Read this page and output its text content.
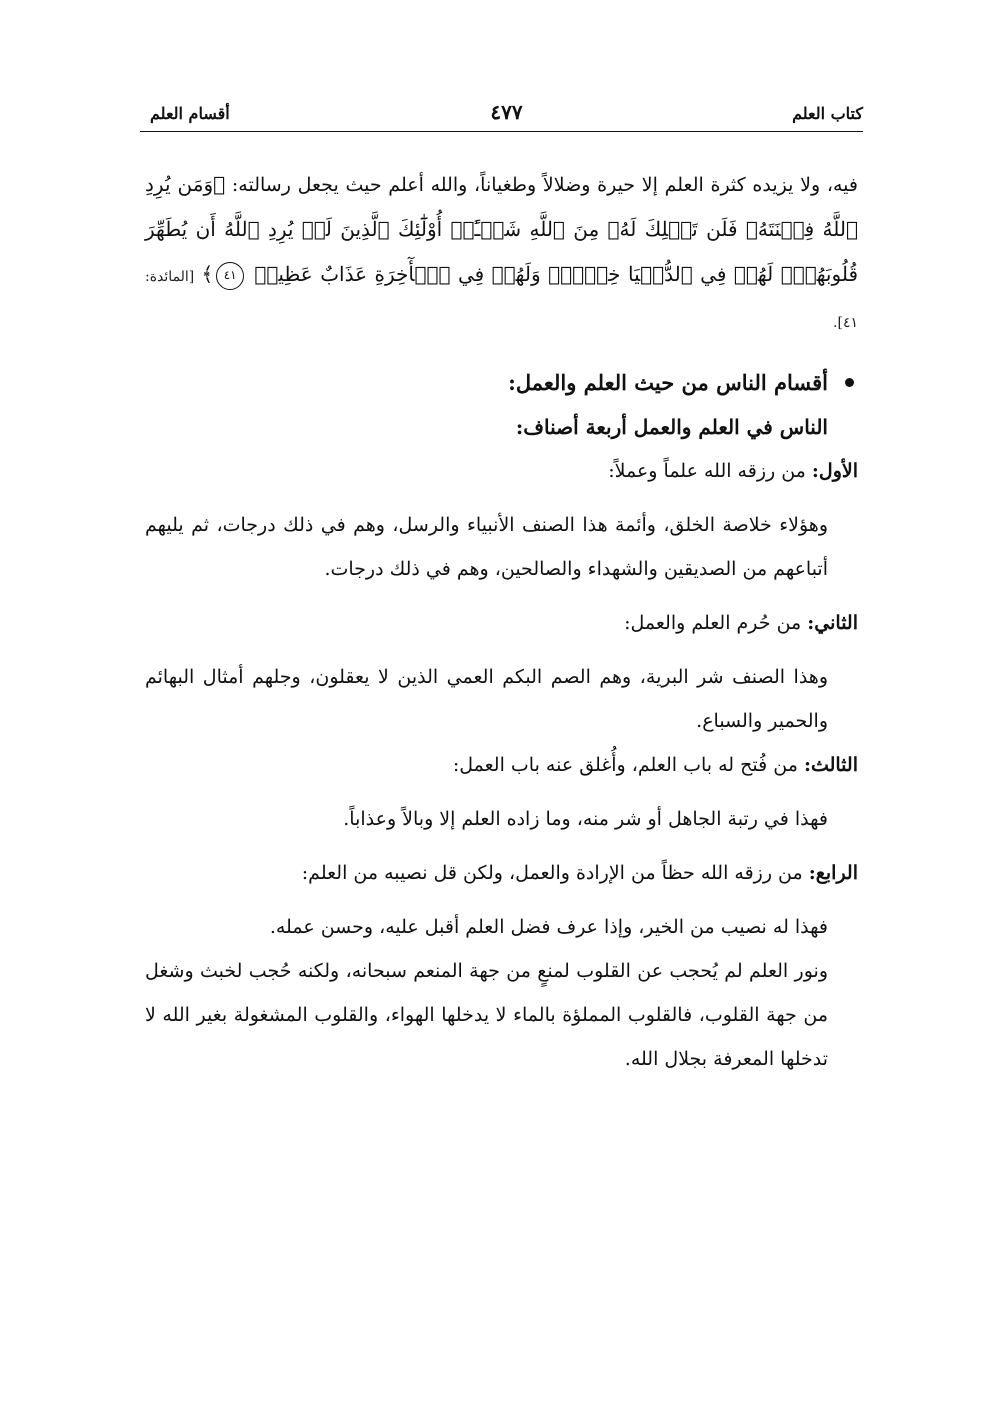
كتاب العلم
٤٧٧
أقسام العلم

فيه، ولا يزيده كثرة العلم إلا حيرة وضلالاً وطغياناً، والله أعلم حيث يجعل رسالته: ﴿وَمَن يُرِدِ ٱللَّهُ فِتۡنَتَهُۥ فَلَن تَمۡلِكَ لَهُۥ مِنَ ٱللَّهِ شَيۡـًٔاۚ أُوْلَٰٓئِكَ ٱلَّذِينَ لَمۡ يُرِدِ ٱللَّهُ أَن يُطَهِّرَ قُلُوبَهُمۡۚ لَهُمۡ فِي ٱلدُّنۡيَا خِزۡيٞۖ وَلَهُمۡ فِي ٱلۡأٓخِرَةِ عَذَابٌ عَظِيمٞ ٤١﴾ [المائدة: ٤١].

أقسام الناس من حيث العلم والعمل:

الناس في العلم والعمل أربعة أصناف:

الأول: من رزقه الله علماً وعملاً:

وهؤلاء خلاصة الخلق، وأئمة هذا الصنف الأنبياء والرسل، وهم في ذلك درجات، ثم يليهم أتباعهم من الصديقين والشهداء والصالحين، وهم في ذلك درجات.

الثاني: من حُرم العلم والعمل:

وهذا الصنف شر البرية، وهم الصم البكم العمي الذين لا يعقلون، وجلهم أمثال البهائم والحمير والسباع.

الثالث: من فُتح له باب العلم، وأُغلق عنه باب العمل:

فهذا في رتبة الجاهل أو شر منه، وما زاده العلم إلا وبالاً وعذاباً.

الرابع: من رزقه الله حظاً من الإرادة والعمل، ولكن قل نصيبه من العلم:

فهذا له نصيب من الخير، وإذا عرف فضل العلم أقبل عليه، وحسن عمله.

ونور العلم لم يُحجب عن القلوب لمنعٍ من جهة المنعم سبحانه، ولكنه حُجب لخبث وشغل من جهة القلوب، فالقلوب المملؤة بالماء لا يدخلها الهواء، والقلوب المشغولة بغير الله لا تدخلها المعرفة بجلال الله.
